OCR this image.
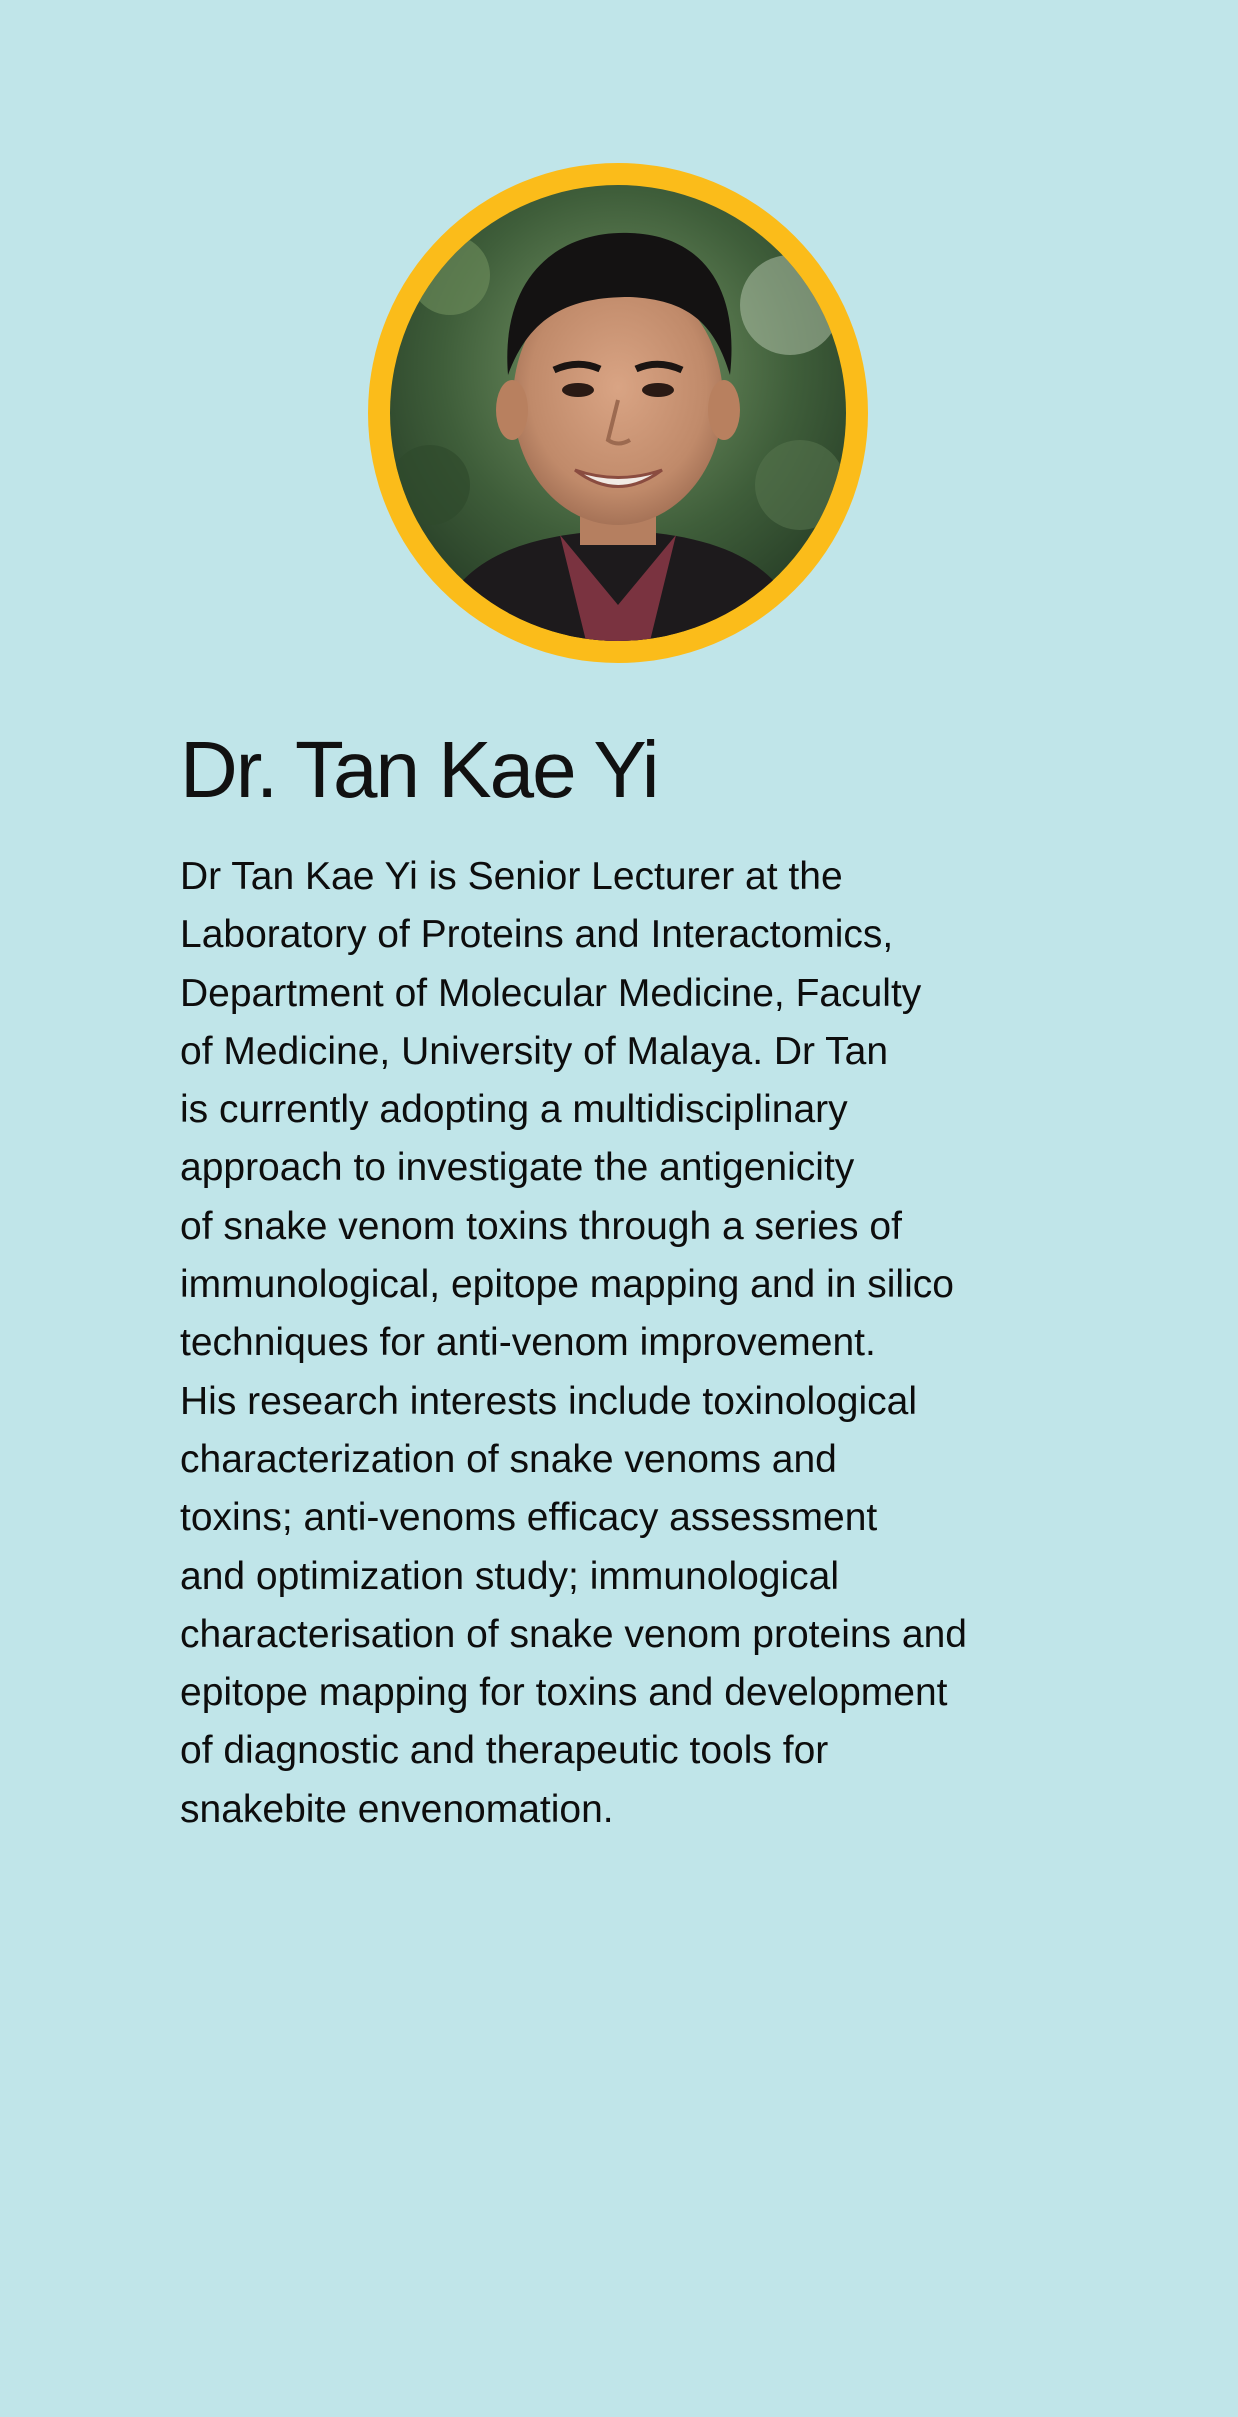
Dr. Tan Kae Yi

Dr Tan Kae Yi is Senior Lecturer at the
Laboratory of Proteins and Interactomics,
Department of Molecular Medicine, Faculty
of Medicine, University of Malaya. Dr Tan
is currently adopting a multidisciplinary
approach to investigate the antigenicity
of snake venom toxins through a series of
immunological, epitope mapping and in silico
techniques for anti-venom improvement.
His research interests include toxinological
characterization of snake venoms and
toxins; anti-venoms efficacy assessment
and optimization study; immunological
characterisation of snake venom proteins and
epitope mapping for toxins and development
of diagnostic and therapeutic tools for
snakebite envenomation.
